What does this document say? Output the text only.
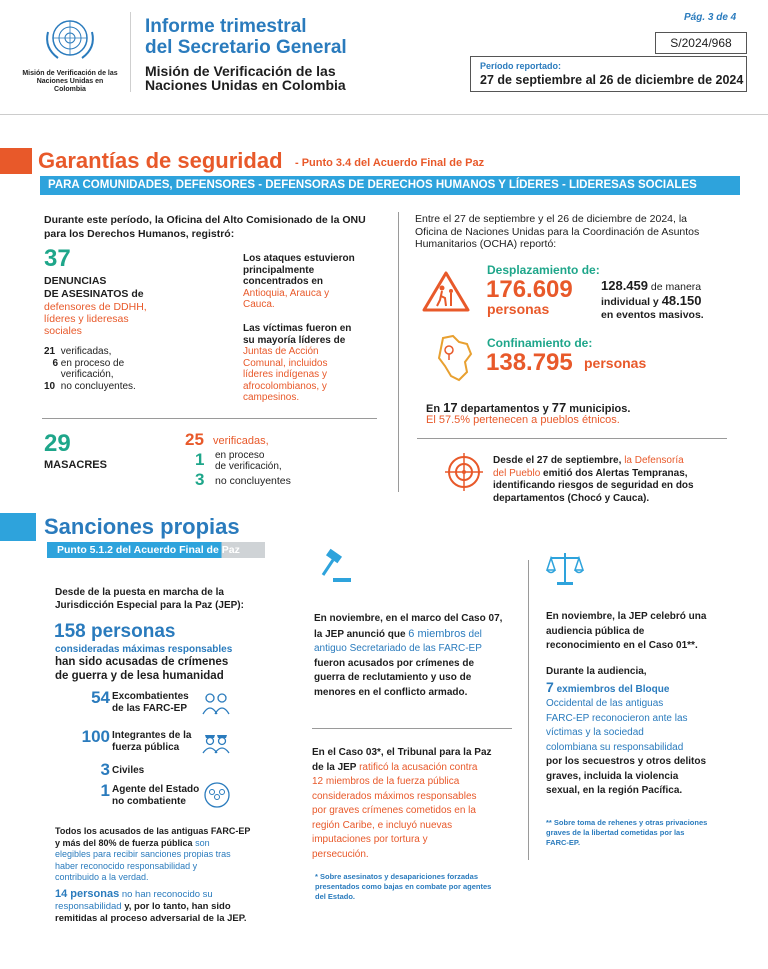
Misión de Verificación de las Naciones Unidas en Colombia
Informe trimestral
del Secretario General
Misión de Verificación de las
Naciones Unidas en Colombia
Pág. 3 de 4
S/2024/968
Período reportado:
27 de septiembre al 26 de diciembre de 2024
Garantías de seguridad - Punto 3.4 del Acuerdo Final de Paz
PARA COMUNIDADES, DEFENSORES - DEFENSORAS DE DERECHOS HUMANOS Y LÍDERES - LIDERESAS SOCIALES
Durante este período, la Oficina del Alto Comisionado de la ONU
para los Derechos Humanos, registró:
37
DENUNCIAS
DE ASESINATOS de
defensores de DDHH,
líderes y lideresas
sociales
21 verificadas,
6 en proceso de
verificación,
10 no concluyentes.
Los ataques estuvieron
principalmente
concentrados en
Antioquia, Arauca y
Cauca.
Las víctimas fueron en
su mayoría líderes de
Juntas de Acción
Comunal, incluidos
líderes indígenas y
afrocolombianos, y
campesinos.
29
MASACRES
25 verificadas,
1 en proceso
de verificación,
3 no concluyentes
Entre el 27 de septiembre y el 26 de diciembre de 2024, la
Oficina de Naciones Unidas para la Coordinación de Asuntos
Humanitarios (OCHA) reportó:
Desplazamiento de:
176.609
personas
128.459 de manera
individual y 48.150
en eventos masivos.
Confinamiento de:
138.795 personas
En 17 departamentos y 77 municipios.
El 57.5% pertenecen a pueblos étnicos.
Desde el 27 de septiembre, la Defensoría
del Pueblo emitió dos Alertas Tempranas,
identificando riesgos de seguridad en dos
departamentos (Chocó y Cauca).
Sanciones propias
Punto 5.1.2 del Acuerdo Final de Paz
Desde de la puesta en marcha de la
Jurisdicción Especial para la Paz (JEP):
158 personas
consideradas máximas responsables
han sido acusadas de crímenes
de guerra y de lesa humanidad
54 Excombatientes
de las FARC-EP
100 Integrantes de la
fuerza pública
3 Civiles
1 Agente del Estado
no combatiente
Todos los acusados de las antiguas FARC-EP
y más del 80% de fuerza pública son
elegibles para recibir sanciones propias tras
haber reconocido responsabilidad y
contribuido a la verdad.
14 personas no han reconocido su
responsabilidad y, por lo tanto, han sido
remitidas al proceso adversarial de la JEP.
En noviembre, en el marco del Caso 07,
la JEP anunció que 6 miembros del
antiguo Secretariado de las FARC-EP
fueron acusados por crímenes de
guerra de reclutamiento y uso de
menores en el conflicto armado.
En el Caso 03*, el Tribunal para la Paz
de la JEP ratificó la acusación contra
12 miembros de la fuerza pública
considerados máximos responsables
por graves crímenes cometidos en la
región Caribe, e incluyó nuevas
imputaciones por tortura y
persecución.
* Sobre asesinatos y desapariciones forzadas
presentados como bajas en combate por agentes
del Estado.
En noviembre, la JEP celebró una
audiencia pública de
reconocimiento en el Caso 01**.
Durante la audiencia,
7 exmiembros del Bloque
Occidental de las antiguas
FARC-EP reconocieron ante las
víctimas y la sociedad
colombiana su responsabilidad
por los secuestros y otros delitos
graves, incluida la violencia
sexual, en la región Pacífica.
** Sobre toma de rehenes y otras privaciones
graves de la libertad cometidas por las
FARC-EP.
